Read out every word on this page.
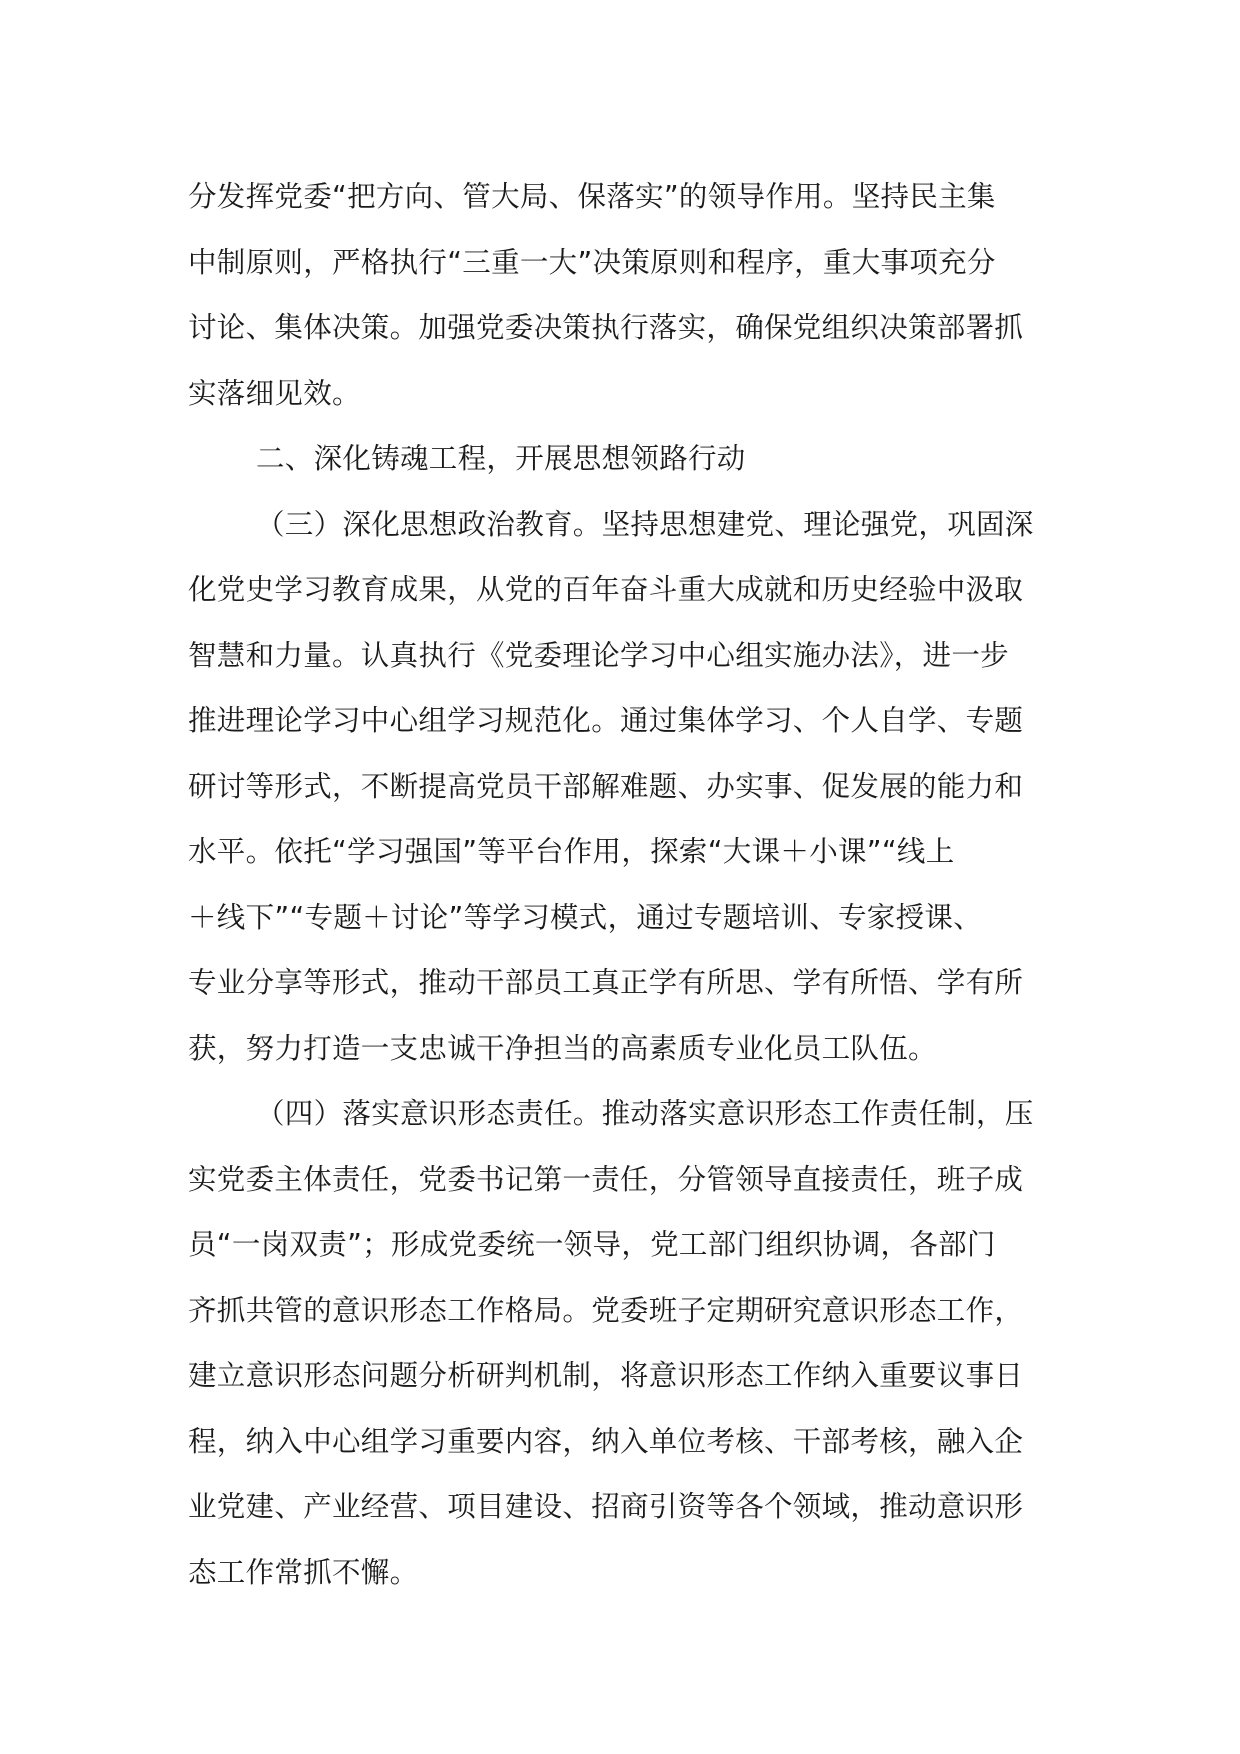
分发挥党委“把方向、管大局、保落实”的领导作用。坚持民主集
中制原则，严格执行“三重一大”决策原则和程序，重大事项充分
讨论、集体决策。加强党委决策执行落实，确保党组织决策部署抓
实落细见效。
二、深化铸魂工程，开展思想领路行动
（三）深化思想政治教育。坚持思想建党、理论强党，巩固深
化党史学习教育成果，从党的百年奋斗重大成就和历史经验中汲取
智慧和力量。认真执行《党委理论学习中心组实施办法》，进一步
推进理论学习中心组学习规范化。通过集体学习、个人自学、专题
研讨等形式，不断提高党员干部解难题、办实事、促发展的能力和
水平。依托“学习强国”等平台作用，探索“大课＋小课”“线上
＋线下”“专题＋讨论”等学习模式，通过专题培训、专家授课、
专业分享等形式，推动干部员工真正学有所思、学有所悟、学有所
获，努力打造一支忠诚干净担当的高素质专业化员工队伍。
（四）落实意识形态责任。推动落实意识形态工作责任制，压
实党委主体责任，党委书记第一责任，分管领导直接责任，班子成
员“一岗双责”；形成党委统一领导，党工部门组织协调，各部门
齐抓共管的意识形态工作格局。党委班子定期研究意识形态工作，
建立意识形态问题分析研判机制，将意识形态工作纳入重要议事日
程，纳入中心组学习重要内容，纳入单位考核、干部考核，融入企
业党建、产业经营、项目建设、招商引资等各个领域，推动意识形
态工作常抓不懈。
